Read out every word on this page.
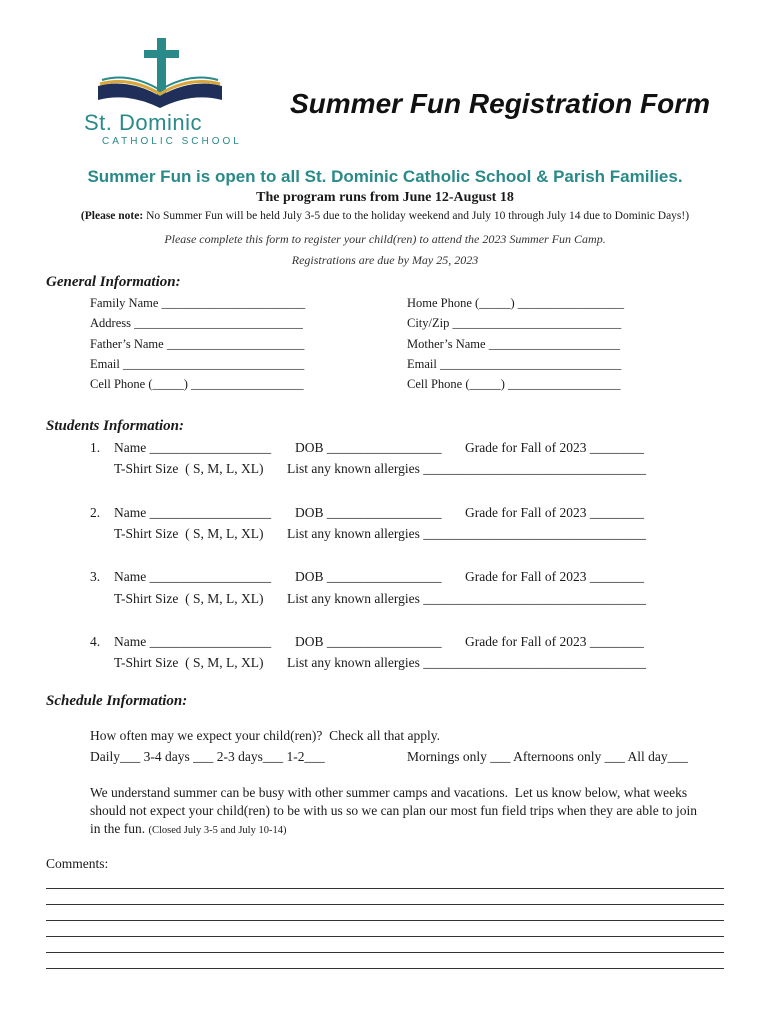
St. Dominic
CATHOLIC SCHOOL
Summer Fun Registration Form
Summer Fun is open to all St. Dominic Catholic School & Parish Families.
The program runs from June 12-August 18
(Please note: No Summer Fun will be held July 3-5 due to the holiday weekend and July 10 through July 14 due to Dominic Days!)
Please complete this form to register your child(ren) to attend the 2023 Summer Fun Camp.
Registrations are due by May 25, 2023
General Information:
Family Name _______________________
Address ___________________________
Father’s Name ______________________
Email _____________________________
Cell Phone (_____) __________________
Home Phone (_____) _________________
City/Zip ___________________________
Mother’s Name _____________________
Email _____________________________
Cell Phone (_____) __________________
Students Information:
1. Name __________________ DOB _________________ Grade for Fall of 2023 ________
T-Shirt Size  ( S, M, L, XL) List any known allergies _________________________________
2. Name __________________ DOB _________________ Grade for Fall of 2023 ________
T-Shirt Size  ( S, M, L, XL) List any known allergies _________________________________
3. Name __________________ DOB _________________ Grade for Fall of 2023 ________
T-Shirt Size  ( S, M, L, XL) List any known allergies _________________________________
4. Name __________________ DOB _________________ Grade for Fall of 2023 ________
T-Shirt Size  ( S, M, L, XL) List any known allergies _________________________________
Schedule Information:
How often may we expect your child(ren)?  Check all that apply.
Daily___ 3-4 days ___ 2-3 days___ 1-2___	Mornings only ___ Afternoons only ___ All day___
We understand summer can be busy with other summer camps and vacations.  Let us know below, what weeks
should not expect your child(ren) to be with us so we can plan our most fun field trips when they are able to join
in the fun. (Closed July 3-5 and July 10-14)
Comments:
